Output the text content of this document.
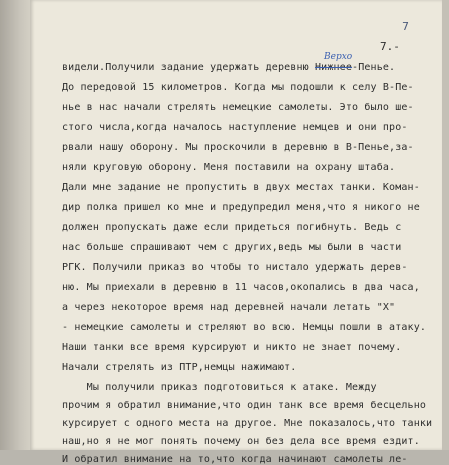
7
7.-
Верхо
видели.Получили задание удержать деревню Нижнее-Пенье.
До передовой 15 километров. Когда мы подошли к селу В-Пе-
нье в нас начали стрелять немецкие самолеты. Это было ше-
стого числа,когда началось наступление немцев и они про-
рвали нашу оборону. Мы проскочили в деревню в В-Пенье,за-
няли круговую оборону. Меня поставили на охрану штаба.
Дали мне задание не пропустить в двух местах танки. Коман-
дир полка пришел ко мне и предупредил меня,что я никого не
должен пропускать даже если придеться погибнуть. Ведь с
нас больше спрашивают чем с других,ведь мы были в части
РГК. Получили приказ во чтобы то нистало удержать дерев-
ню. Мы приехали в деревню в 11 часов,окопались в два часа,
а через некоторое время над деревней начали летать "Х"
- немецкие самолеты и стреляют во всю. Немцы пошли в атаку.
Наши танки все время курсируют и никто не знает почему.
Начали стрелять из ПТР,немцы нажимают.
Мы получили приказ подготовиться к атаке. Между
прочим я обратил внимание,что один танк все время бесцельно
курсирует с одного места на другое. Мне показалось,что танки
наш,но я не мог понять почему он без дела все время ездит.
И обратил внимание на то,что когда начинают самолеты ле-
